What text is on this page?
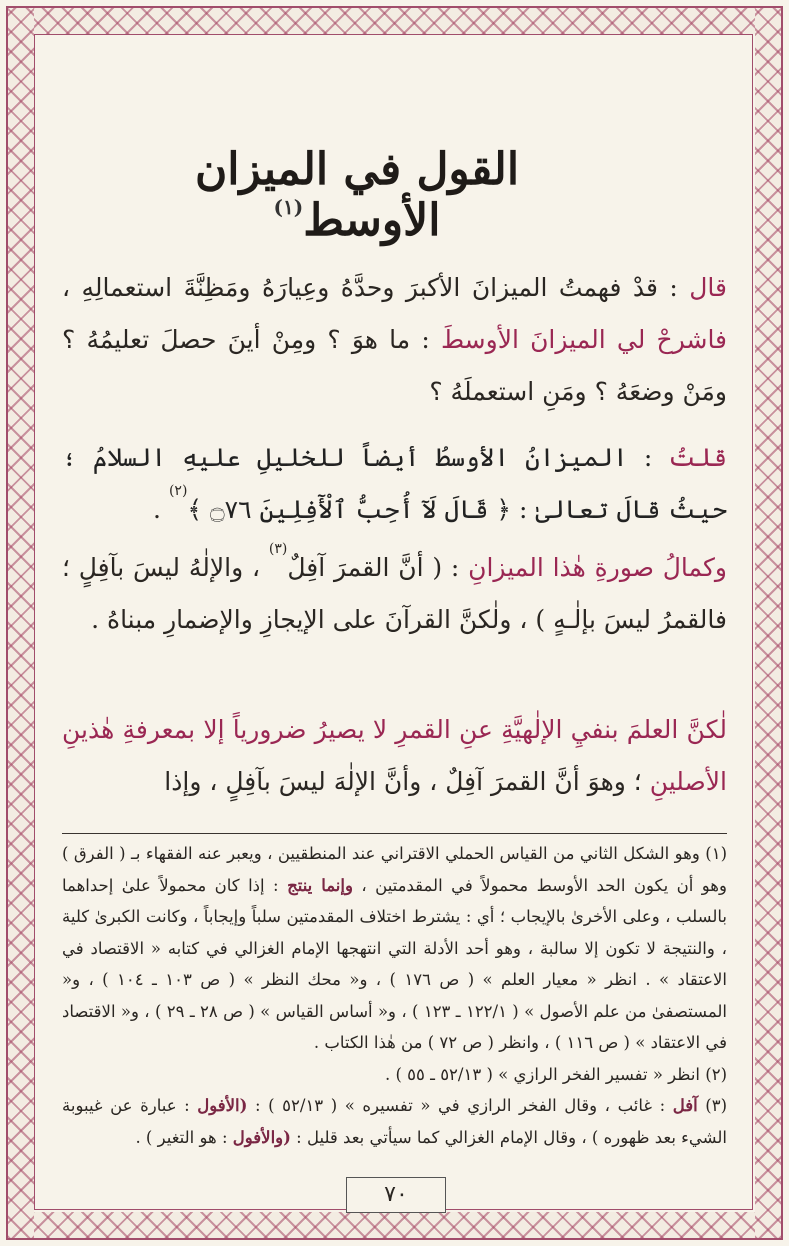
القول في الميزان الأوسط$^{(١)}$
قال : قدْ فهمتُ الميزانَ الأكبرَ وحدَّهُ وعِيارَهُ ومَظِنَّةَ استعمالِهِ ، فاشرحْ لي الميزانَ الأوسطَ : ما هوَ ؟ ومِنْ أينَ حصلَ تعليمُهُ ؟ ومَنْ وضعَهُ ؟ ومَنِ استعملَهُ ؟
قلتُ : الميزانُ الأوسطُ أيضاً للخليلِ عليهِ السلامُ ؛ حيثُ قالَ تعالىٰ : ﴿ قَالَ لَآ أُحِبُّ ٱلْأٓفِلِينَ ۝٧٦ ﴾$^{(٢)}$ .
وكمالُ صورةِ هٰذا الميزانِ : ( أنَّ القمرَ آفِلٌ$^{(٣)}$ ، والإلٰهُ ليسَ بآفِلٍ ؛ فالقمرُ ليسَ بإلٰـهٍ ) ، ولٰكنَّ القرآنَ على الإيجازِ والإضمارِ مبناهُ .
لٰكنَّ العلمَ بنفيِ الإلٰهيَّةِ عنِ القمرِ لا يصيرُ ضرورياً إلا بمعرفةِ هٰذينِ الأصلينِ ؛ وهوَ أنَّ القمرَ آفِلٌ ، وأنَّ الإلٰهَ ليسَ بآفِلٍ ، وإذا

(١) وهو الشكل الثاني من القياس الحملي الاقتراني عند المنطقيين ، ويعبر عنه الفقهاء بـ ( الفرق ) وهو أن يكون الحد الأوسط محمولاً في المقدمتين ، وإنما ينتج : إذا كان محمولاً علىٰ إحداهما بالسلب ، وعلى الأخرىٰ بالإيجاب ؛ أي : يشترط اختلاف المقدمتين سلباً وإيجاباً ، وكانت الكبرىٰ كلية ، والنتيجة لا تكون إلا سالبة ، وهو أحد الأدلة التي انتهجها الإمام الغزالي في كتابه « الاقتصاد في الاعتقاد » . انظر « معيار العلم » ( ص ١٧٦ ) ، و« محك النظر » ( ص ١٠٣ ـ ١٠٤ ) ، و« المستصفىٰ من علم الأصول » ( ١٢٢/١ ـ ١٢٣ ) ، و« أساس القياس » ( ص ٢٨ ـ ٢٩ ) ، و« الاقتصاد في الاعتقاد » ( ص ١١٦ ) ، وانظر ( ص ٧٢ ) من هٰذا الكتاب .

(٢) انظر « تفسير الفخر الرازي » ( ٥٢/١٣ ـ ٥٥ ) .

(٣) آفل : غائب ، وقال الفخر الرازي في « تفسيره » ( ٥٢/١٣ ) : (الأفول : عبارة عن غيبوبة الشيء بعد ظهوره ) ، وقال الإمام الغزالي كما سيأتي بعد قليل : (والأفول : هو التغير ) .

٧٠
